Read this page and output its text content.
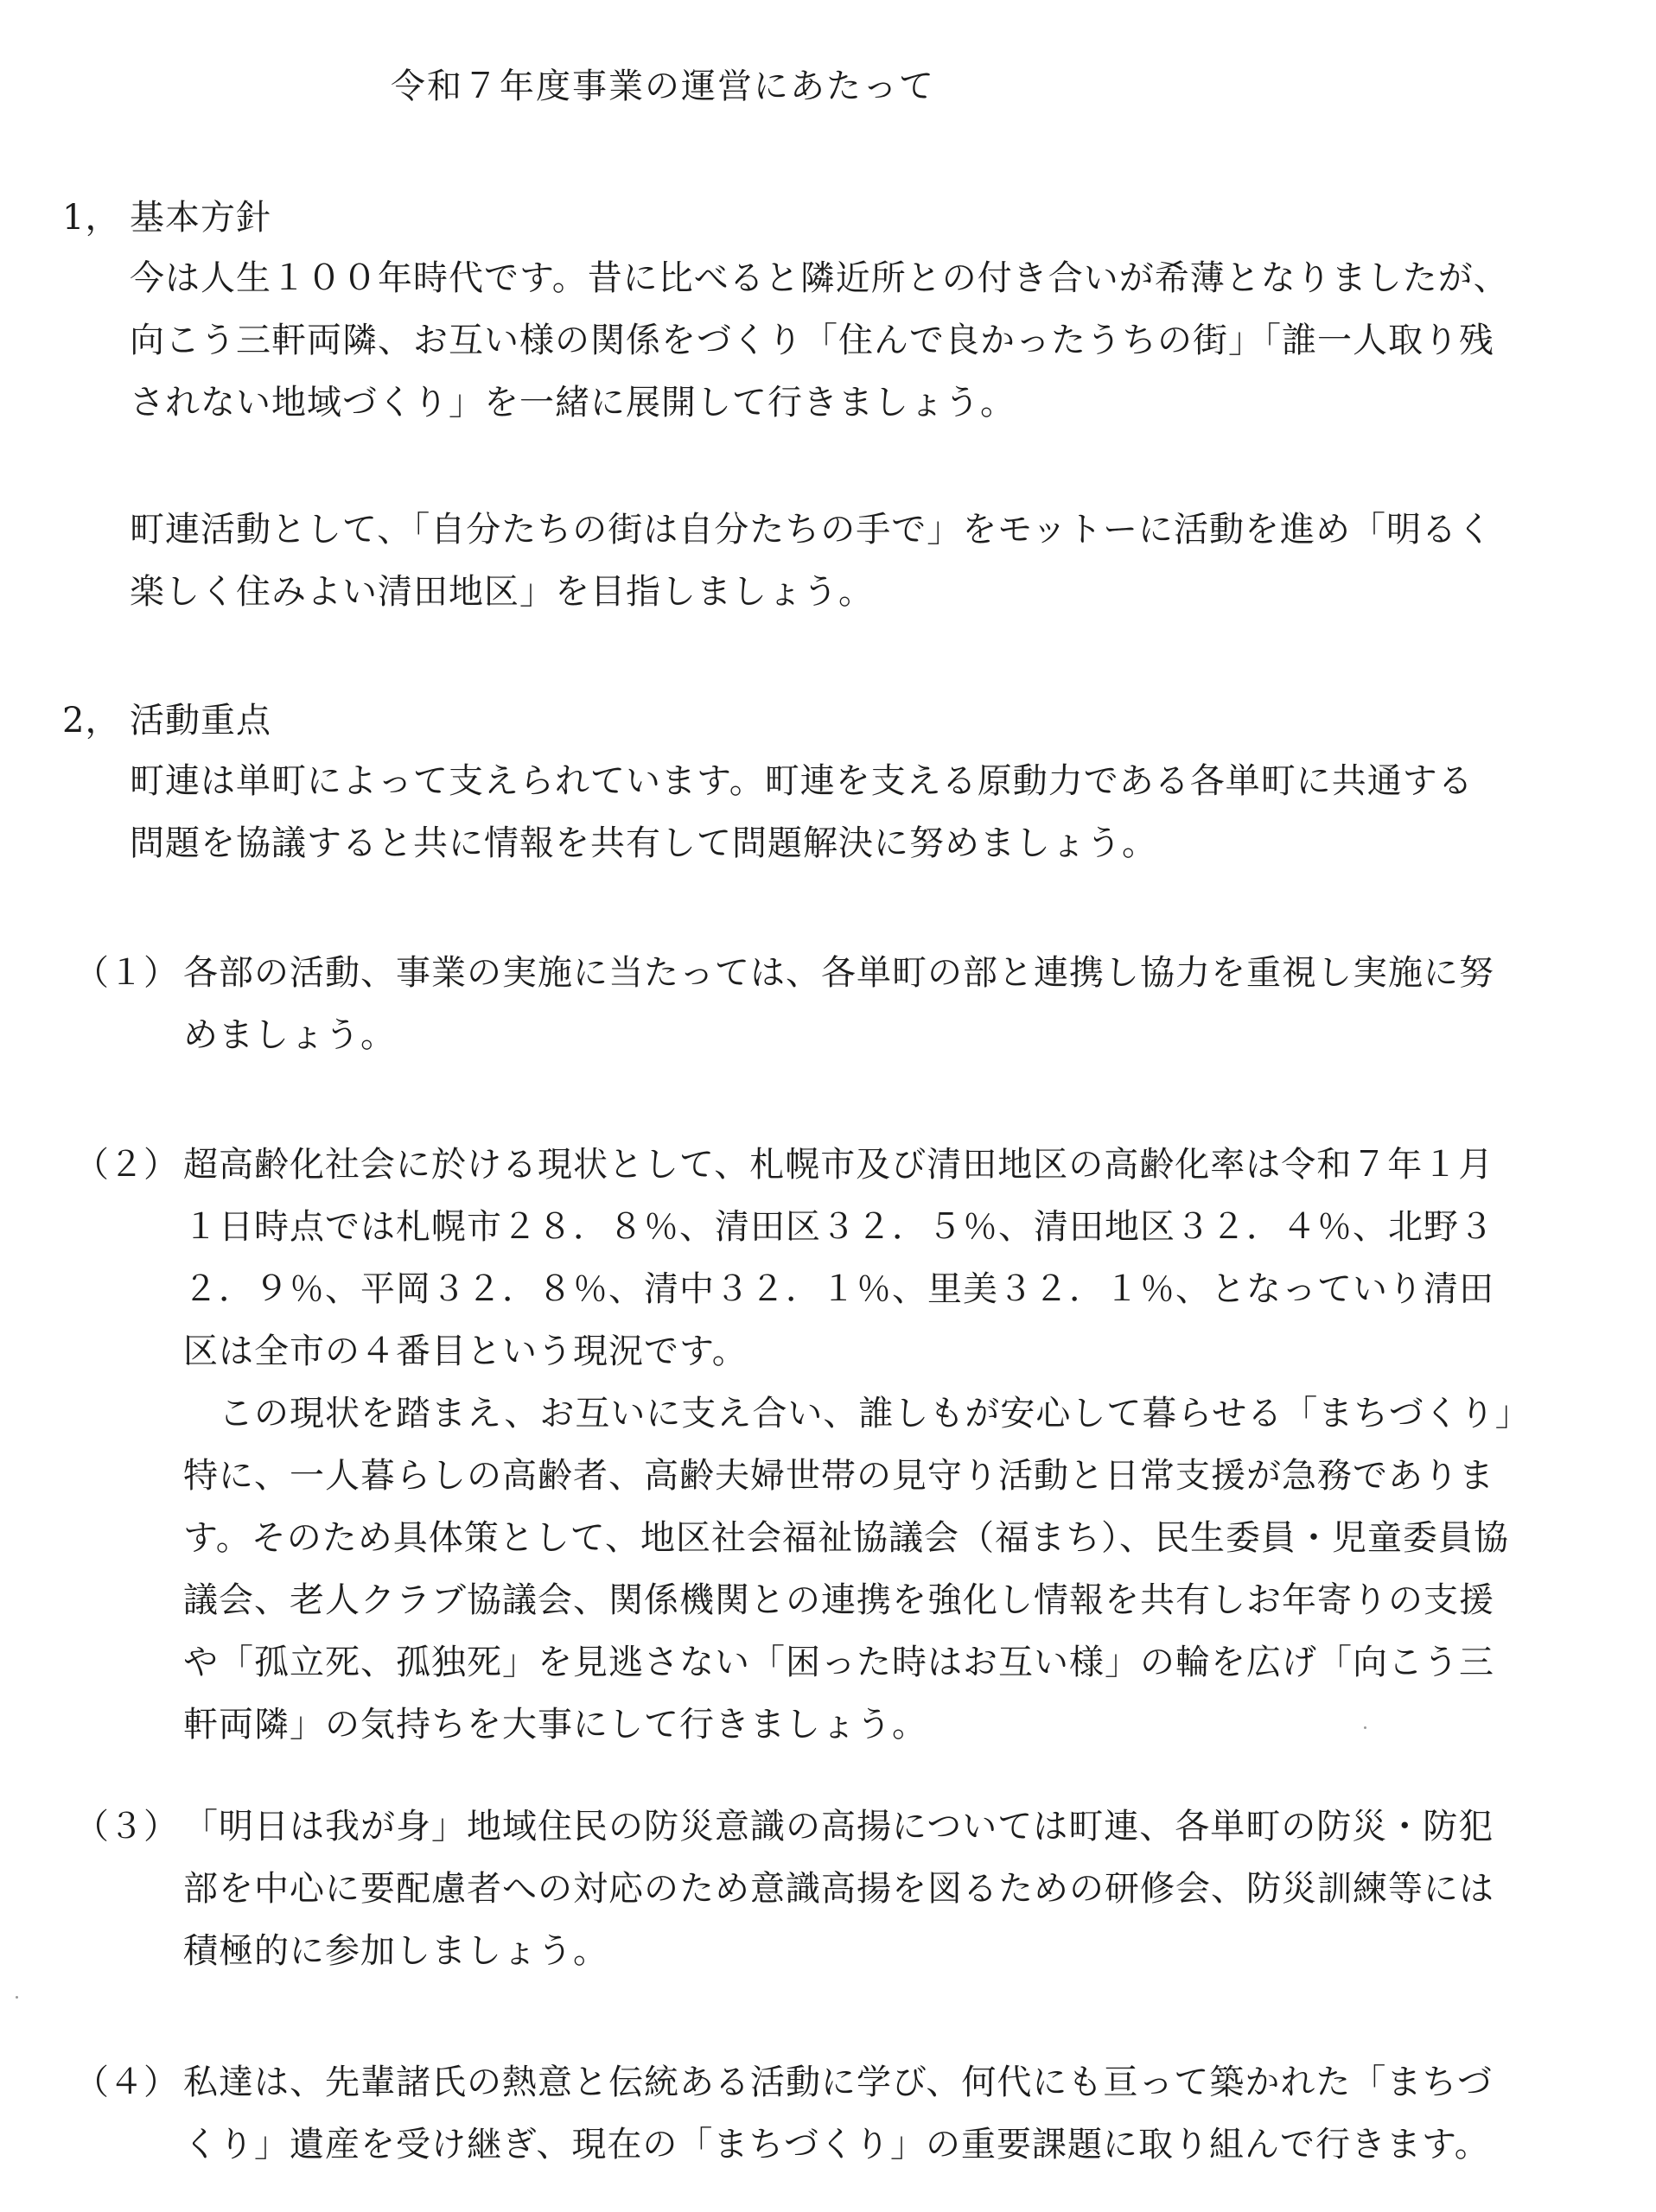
令和７年度事業の運営にあたって
1， 基本方針
今は人生１００年時代です。昔に比べると隣近所との付き合いが希薄となりましたが、
向こう三軒両隣、お互い様の関係をづくり「住んで良かったうちの街」「誰一人取り残
されない地域づくり」を一緒に展開して行きましょう。
町連活動として、「自分たちの街は自分たちの手で」をモットーに活動を進め「明るく
楽しく住みよい清田地区」を目指しましょう。
2， 活動重点
町連は単町によって支えられています。町連を支える原動力である各単町に共通する
問題を協議すると共に情報を共有して問題解決に努めましょう。
（１） 各部の活動、事業の実施に当たっては、各単町の部と連携し協力を重視し実施に努
めましょう。
（２） 超高齢化社会に於ける現状として、札幌市及び清田地区の高齢化率は令和７年１月
１日時点では札幌市２８．８％、清田区３２．５％、清田地区３２．４％、北野３
２．９％、平岡３２．８％、清中３２．１％、里美３２．１％、となっていり清田
区は全市の４番目という現況です。
　この現状を踏まえ、お互いに支え合い、誰しもが安心して暮らせる「まちづくり」
特に、一人暮らしの高齢者、高齢夫婦世帯の見守り活動と日常支援が急務でありま
す。そのため具体策として、地区社会福祉協議会（福まち）、民生委員・児童委員協
議会、老人クラブ協議会、関係機関との連携を強化し情報を共有しお年寄りの支援
や「孤立死、孤独死」を見逃さない「困った時はお互い様」の輪を広げ「向こう三
軒両隣」の気持ちを大事にして行きましょう。
（３） 「明日は我が身」地域住民の防災意識の高揚については町連、各単町の防災・防犯
部を中心に要配慮者への対応のため意識高揚を図るための研修会、防災訓練等には
積極的に参加しましょう。
（４） 私達は、先輩諸氏の熱意と伝統ある活動に学び、何代にも亘って築かれた「まちづ
くり」遺産を受け継ぎ、現在の「まちづくり」の重要課題に取り組んで行きます。
